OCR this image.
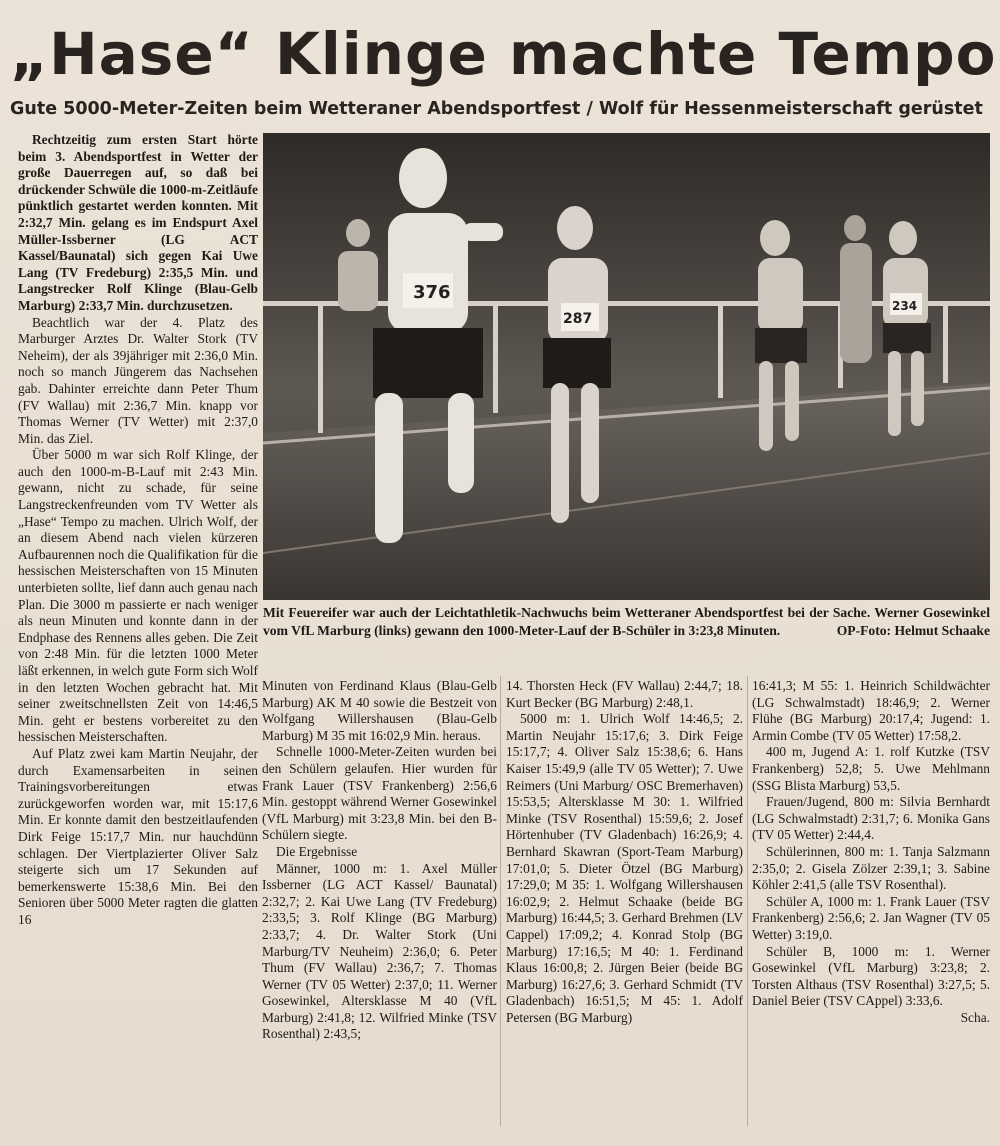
„Hase“ Klinge machte Tempo
Gute 5000-Meter-Zeiten beim Wetteraner Abendsportfest / Wolf für Hessenmeisterschaft gerüstet

Rechtzeitig zum ersten Start hörte beim 3. Abendsportfest in Wetter der große Dauerregen auf, so daß bei drückender Schwüle die 1000-m-Zeitläufe pünktlich gestartet werden konnten. Mit 2:32,7 Min. gelang es im Endspurt Axel Müller-Issberner (LG ACT Kassel/Baunatal) sich gegen Kai Uwe Lang (TV Fredeburg) 2:35,5 Min. und Langstrecker Rolf Klinge (Blau-Gelb Marburg) 2:33,7 Min. durchzusetzen.

Beachtlich war der 4. Platz des Marburger Arztes Dr. Walter Stork (TV Neheim), der als 39jähriger mit 2:36,0 Min. noch so manch Jüngerem das Nachsehen gab. Dahinter erreichte dann Peter Thum (FV Wallau) mit 2:36,7 Min. knapp vor Thomas Werner (TV Wetter) mit 2:37,0 Min. das Ziel.

Über 5000 m war sich Rolf Klinge, der auch den 1000-m-B-Lauf mit 2:43 Min. gewann, nicht zu schade, für seine Langstreckenfreunden vom TV Wetter als „Hase“ Tempo zu machen. Ulrich Wolf, der an diesem Abend nach vielen kürzeren Aufbaurennen noch die Qualifikation für die hessischen Meisterschaften von 15 Minuten unterbieten sollte, lief dann auch genau nach Plan. Die 3000 m passierte er nach weniger als neun Minuten und konnte dann in der Endphase des Rennens alles geben. Die Zeit von 2:48 Min. für die letzten 1000 Meter läßt erkennen, in welch gute Form sich Wolf in den letzten Wochen gebracht hat. Mit seiner zweitschnellsten Zeit von 14:46,5 Min. geht er bestens vorbereitet zu den hessischen Meisterschaften.

Auf Platz zwei kam Martin Neujahr, der durch Examensarbeiten in seinen Trainingsvorbereitungen etwas zurückgeworfen worden war, mit 15:17,6 Min. Er konnte damit den bestzeitlaufenden Dirk Feige 15:17,7 Min. nur hauchdünn schlagen. Der Viertplazierter Oliver Salz steigerte sich um 17 Sekunden auf bemerkenswerte 15:38,6 Min. Bei den Senioren über 5000 Meter ragten die glatten 16

376
287
234
Mit Feuereifer war auch der Leichtathletik-Nachwuchs beim Wetteraner Abendsportfest bei der Sache. Werner Gosewinkel vom VfL Marburg (links) gewann den 1000-Meter-Lauf der B-Schüler in 3:23,8 Minuten.	OP-Foto: Helmut Schaake

Minuten von Ferdinand Klaus (Blau-Gelb Marburg) AK M 40 sowie die Bestzeit von Wolfgang Willershausen (Blau-Gelb Marburg) M 35 mit 16:02,9 Min. heraus.

Schnelle 1000-Meter-Zeiten wurden bei den Schülern gelaufen. Hier wurden für Frank Lauer (TSV Frankenberg) 2:56,6 Min. gestoppt während Werner Gosewinkel (VfL Marburg) mit 3:23,8 Min. bei den B-Schülern siegte.

Die Ergebnisse

Männer, 1000 m: 1. Axel Müller Issberner (LG ACT Kassel/ Baunatal) 2:32,7; 2. Kai Uwe Lang (TV Fredeburg) 2:33,5; 3. Rolf Klinge (BG Marburg) 2:33,7; 4. Dr. Walter Stork (Uni Marburg/TV Neuheim) 2:36,0; 6. Peter Thum (FV Wallau) 2:36,7; 7. Thomas Werner (TV 05 Wetter) 2:37,0; 11. Werner Gosewinkel, Altersklasse M 40 (VfL Marburg) 2:41,8; 12. Wilfried Minke (TSV Rosenthal) 2:43,5;

14. Thorsten Heck (FV Wallau) 2:44,7; 18. Kurt Becker (BG Marburg) 2:48,1.

5000 m: 1. Ulrich Wolf 14:46,5; 2. Martin Neujahr 15:17,6; 3. Dirk Feige 15:17,7; 4. Oliver Salz 15:38,6; 6. Hans Kaiser 15:49,9 (alle TV 05 Wetter); 7. Uwe Reimers (Uni Marburg/ OSC Bremerhaven) 15:53,5; Altersklasse M 30: 1. Wilfried Minke (TSV Rosenthal) 15:59,6; 2. Josef Hörtenhuber (TV Gladenbach) 16:26,9; 4. Bernhard Skawran (Sport-Team Marburg) 17:01,0; 5. Dieter Ötzel (BG Marburg) 17:29,0; M 35: 1. Wolfgang Willershausen 16:02,9; 2. Helmut Schaake (beide BG Marburg) 16:44,5; 3. Gerhard Brehmen (LV Cappel) 17:09,2; 4. Konrad Stolp (BG Marburg) 17:16,5; M 40: 1. Ferdinand Klaus 16:00,8; 2. Jürgen Beier (beide BG Marburg) 16:27,6; 3. Gerhard Schmidt (TV Gladenbach) 16:51,5; M 45: 1. Adolf Petersen (BG Marburg)

16:41,3; M 55: 1. Heinrich Schildwächter (LG Schwalmstadt) 18:46,9; 2. Werner Flühe (BG Marburg) 20:17,4; Jugend: 1. Armin Combe (TV 05 Wetter) 17:58,2.

400 m, Jugend A: 1. rolf Kutzke (TSV Frankenberg) 52,8; 5. Uwe Mehlmann (SSG Blista Marburg) 53,5.

Frauen/Jugend, 800 m: Silvia Bernhardt (LG Schwalmstadt) 2:31,7; 6. Monika Gans (TV 05 Wetter) 2:44,4.

Schülerinnen, 800 m: 1. Tanja Salzmann 2:35,0; 2. Gisela Zölzer 2:39,1; 3. Sabine Köhler 2:41,5 (alle TSV Rosenthal).

Schüler A, 1000 m: 1. Frank Lauer (TSV Frankenberg) 2:56,6; 2. Jan Wagner (TV 05 Wetter) 3:19,0.

Schüler B, 1000 m: 1. Werner Gosewinkel (VfL Marburg) 3:23,8; 2. Torsten Althaus (TSV Rosenthal) 3:27,5; 5. Daniel Beier (TSV CAppel) 3:33,6.

Scha.
